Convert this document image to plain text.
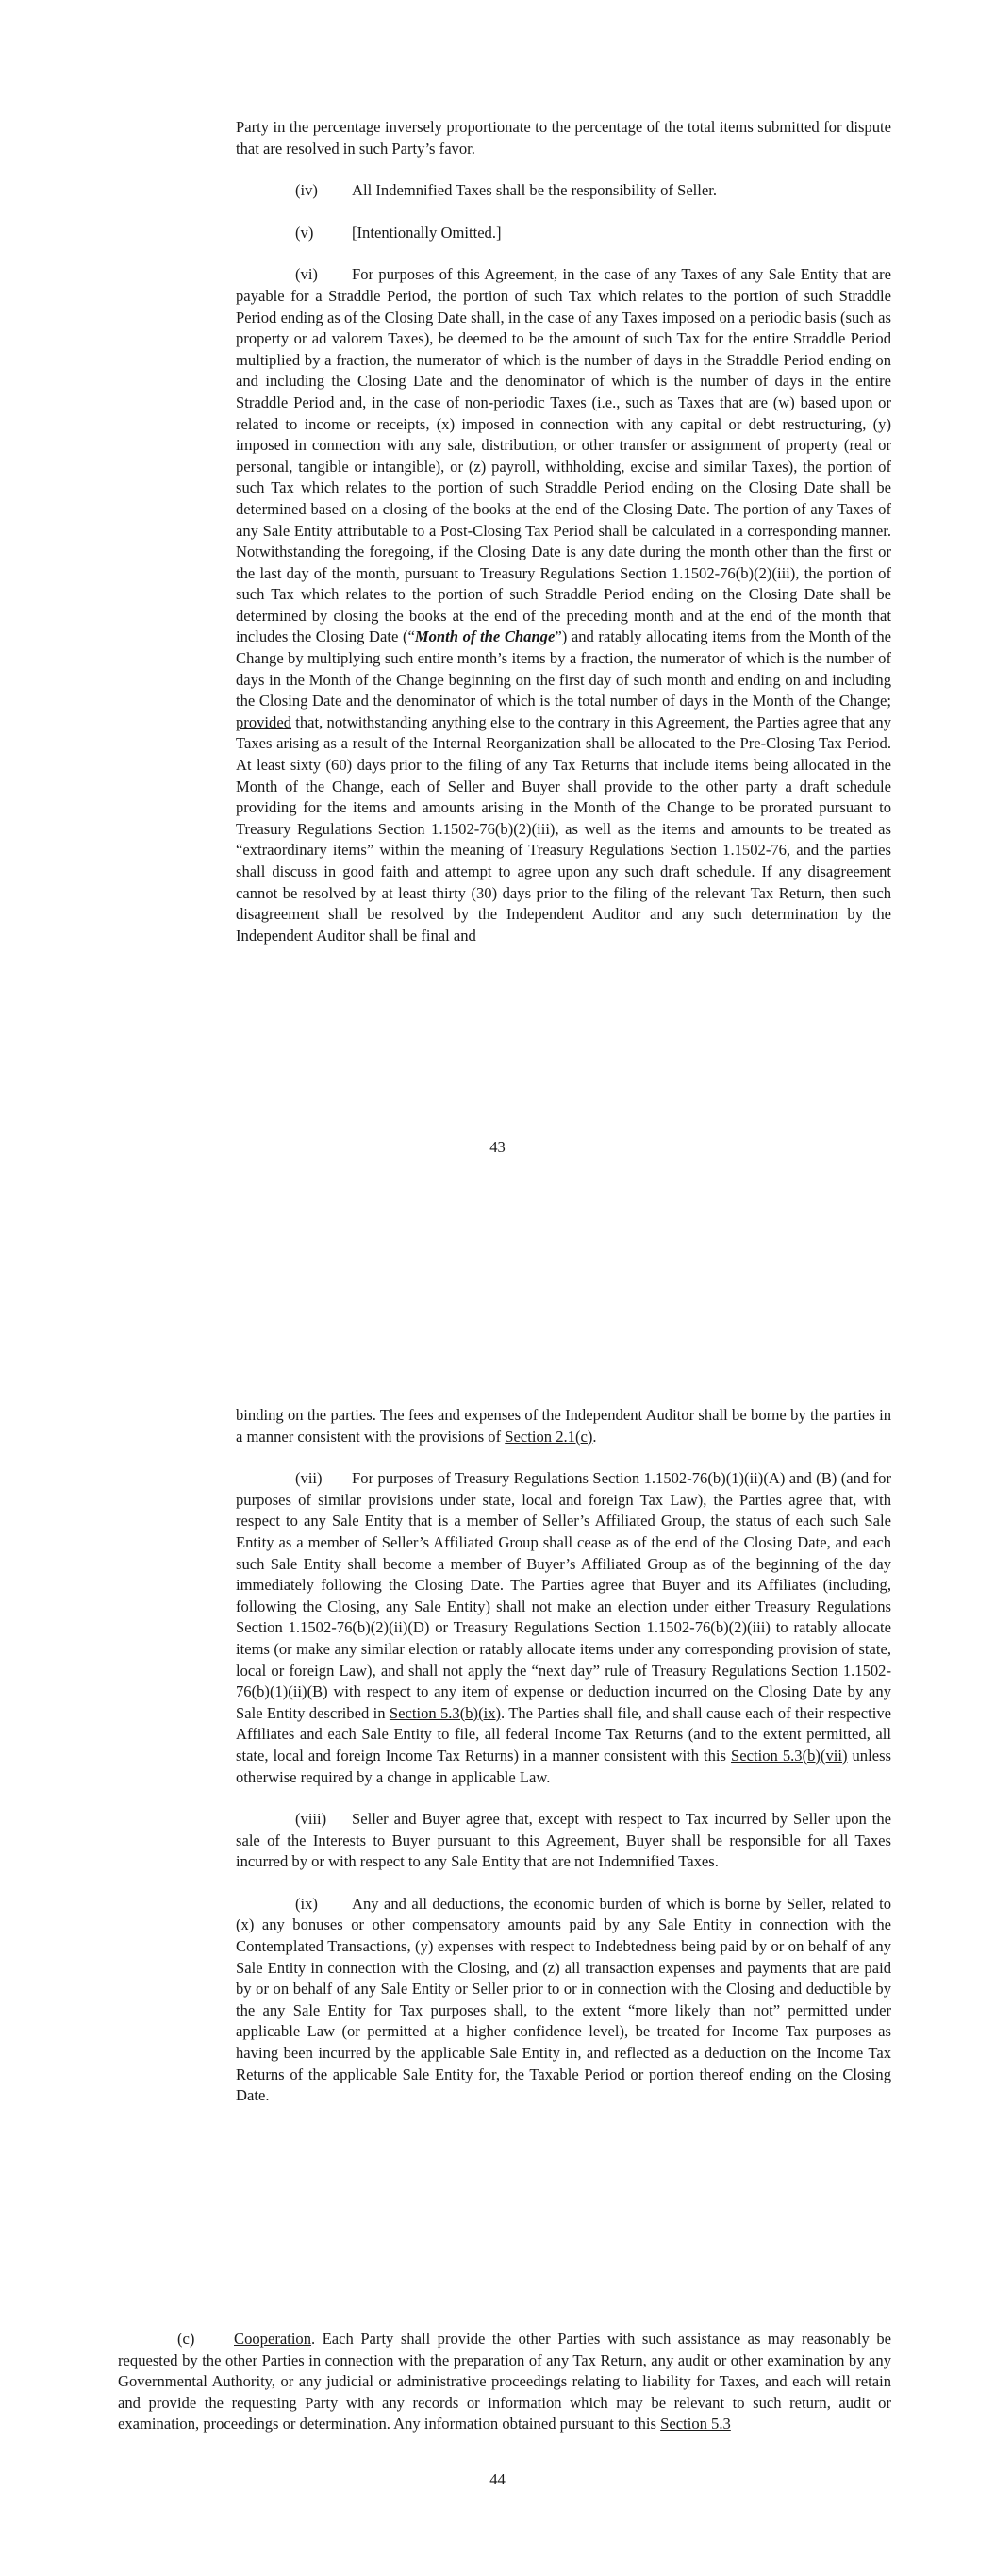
Party in the percentage inversely proportionate to the percentage of the total items submitted for dispute that are resolved in such Party’s favor.

(iv) All Indemnified Taxes shall be the responsibility of Seller.

(v) [Intentionally Omitted.]

(vi) For purposes of this Agreement, in the case of any Taxes of any Sale Entity that are payable for a Straddle Period, the portion of such Tax which relates to the portion of such Straddle Period ending as of the Closing Date shall, in the case of any Taxes imposed on a periodic basis (such as property or ad valorem Taxes), be deemed to be the amount of such Tax for the entire Straddle Period multiplied by a fraction, the numerator of which is the number of days in the Straddle Period ending on and including the Closing Date and the denominator of which is the number of days in the entire Straddle Period and, in the case of non-periodic Taxes (i.e., such as Taxes that are (w) based upon or related to income or receipts, (x) imposed in connection with any capital or debt restructuring, (y) imposed in connection with any sale, distribution, or other transfer or assignment of property (real or personal, tangible or intangible), or (z) payroll, withholding, excise and similar Taxes), the portion of such Tax which relates to the portion of such Straddle Period ending on the Closing Date shall be determined based on a closing of the books at the end of the Closing Date. The portion of any Taxes of any Sale Entity attributable to a Post-Closing Tax Period shall be calculated in a corresponding manner. Notwithstanding the foregoing, if the Closing Date is any date during the month other than the first or the last day of the month, pursuant to Treasury Regulations Section 1.1502-76(b)(2)(iii), the portion of such Tax which relates to the portion of such Straddle Period ending on the Closing Date shall be determined by closing the books at the end of the preceding month and at the end of the month that includes the Closing Date (“Month of the Change”) and ratably allocating items from the Month of the Change by multiplying such entire month’s items by a fraction, the numerator of which is the number of days in the Month of the Change beginning on the first day of such month and ending on and including the Closing Date and the denominator of which is the total number of days in the Month of the Change; provided that, notwithstanding anything else to the contrary in this Agreement, the Parties agree that any Taxes arising as a result of the Internal Reorganization shall be allocated to the Pre-Closing Tax Period. At least sixty (60) days prior to the filing of any Tax Returns that include items being allocated in the Month of the Change, each of Seller and Buyer shall provide to the other party a draft schedule providing for the items and amounts arising in the Month of the Change to be prorated pursuant to Treasury Regulations Section 1.1502-76(b)(2)(iii), as well as the items and amounts to be treated as “extraordinary items” within the meaning of Treasury Regulations Section 1.1502-76, and the parties shall discuss in good faith and attempt to agree upon any such draft schedule. If any disagreement cannot be resolved by at least thirty (30) days prior to the filing of the relevant Tax Return, then such disagreement shall be resolved by the Independent Auditor and any such determination by the Independent Auditor shall be final and

43

binding on the parties. The fees and expenses of the Independent Auditor shall be borne by the parties in a manner consistent with the provisions of Section 2.1(c).

(vii) For purposes of Treasury Regulations Section 1.1502-76(b)(1)(ii)(A) and (B) (and for purposes of similar provisions under state, local and foreign Tax Law), the Parties agree that, with respect to any Sale Entity that is a member of Seller’s Affiliated Group, the status of each such Sale Entity as a member of Seller’s Affiliated Group shall cease as of the end of the Closing Date, and each such Sale Entity shall become a member of Buyer’s Affiliated Group as of the beginning of the day immediately following the Closing Date. The Parties agree that Buyer and its Affiliates (including, following the Closing, any Sale Entity) shall not make an election under either Treasury Regulations Section 1.1502-76(b)(2)(ii)(D) or Treasury Regulations Section 1.1502-76(b)(2)(iii) to ratably allocate items (or make any similar election or ratably allocate items under any corresponding provision of state, local or foreign Law), and shall not apply the “next day” rule of Treasury Regulations Section 1.1502-76(b)(1)(ii)(B) with respect to any item of expense or deduction incurred on the Closing Date by any Sale Entity described in Section 5.3(b)(ix). The Parties shall file, and shall cause each of their respective Affiliates and each Sale Entity to file, all federal Income Tax Returns (and to the extent permitted, all state, local and foreign Income Tax Returns) in a manner consistent with this Section 5.3(b)(vii) unless otherwise required by a change in applicable Law.

(viii) Seller and Buyer agree that, except with respect to Tax incurred by Seller upon the sale of the Interests to Buyer pursuant to this Agreement, Buyer shall be responsible for all Taxes incurred by or with respect to any Sale Entity that are not Indemnified Taxes.

(ix) Any and all deductions, the economic burden of which is borne by Seller, related to (x) any bonuses or other compensatory amounts paid by any Sale Entity in connection with the Contemplated Transactions, (y) expenses with respect to Indebtedness being paid by or on behalf of any Sale Entity in connection with the Closing, and (z) all transaction expenses and payments that are paid by or on behalf of any Sale Entity or Seller prior to or in connection with the Closing and deductible by the any Sale Entity for Tax purposes shall, to the extent “more likely than not” permitted under applicable Law (or permitted at a higher confidence level), be treated for Income Tax purposes as having been incurred by the applicable Sale Entity in, and reflected as a deduction on the Income Tax Returns of the applicable Sale Entity for, the Taxable Period or portion thereof ending on the Closing Date.

(c)	Cooperation. Each Party shall provide the other Parties with such assistance as may reasonably be requested by the other Parties in connection with the preparation of any Tax Return, any audit or other examination by any Governmental Authority, or any judicial or administrative proceedings relating to liability for Taxes, and each will retain and provide the requesting Party with any records or information which may be relevant to such return, audit or examination, proceedings or determination. Any information obtained pursuant to this Section 5.3

44
